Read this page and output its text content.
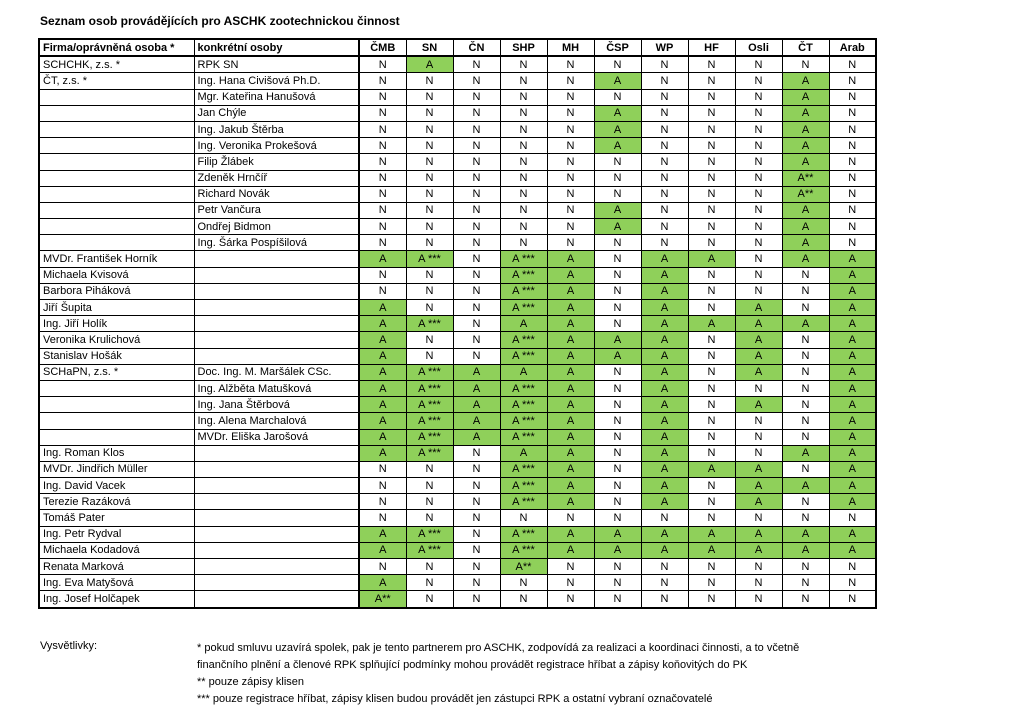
Seznam osob provádějících pro ASCHK zootechnickou činnost
Firma/oprávněná osoba *	konkrétní osoby	ČMB	SN	ČN	SHP	MH	ČSP	WP	HF	Osli	ČT	Arab
SCHCHK, z.s. *	RPK SN	N	A	N	N	N	N	N	N	N	N	N
ČT, z.s. *	Ing. Hana Civišová Ph.D.	N	N	N	N	N	A	N	N	N	A	N
	Mgr. Kateřina Hanušová	N	N	N	N	N	N	N	N	N	A	N
	Jan Chýle	N	N	N	N	N	A	N	N	N	A	N
	Ing. Jakub Štěrba	N	N	N	N	N	A	N	N	N	A	N
	Ing. Veronika Prokešová	N	N	N	N	N	A	N	N	N	A	N
	Filip Žlábek	N	N	N	N	N	N	N	N	N	A	N
	Zdeněk Hrnčíř	N	N	N	N	N	N	N	N	N	A**	N
	Richard Novák	N	N	N	N	N	N	N	N	N	A**	N
	Petr Vančura	N	N	N	N	N	A	N	N	N	A	N
	Ondřej Bidmon	N	N	N	N	N	A	N	N	N	A	N
	Ing. Šárka Pospíšilová	N	N	N	N	N	N	N	N	N	A	N
MVDr. František Horník		A	A ***	N	A ***	A	N	A	A	N	A	A
Michaela Kvisová		N	N	N	A ***	A	N	A	N	N	N	A
Barbora Piháková		N	N	N	A ***	A	N	A	N	N	N	A
Jiří Šupita		A	N	N	A ***	A	N	A	N	A	N	A
Ing. Jiří Holík		A	A ***	N	A	A	N	A	A	A	A	A
Veronika Krulichová		A	N	N	A ***	A	A	A	N	A	N	A
Stanislav Hošák		A	N	N	A ***	A	A	A	N	A	N	A
SCHaPN, z.s. *	Doc. Ing. M. Maršálek CSc.	A	A ***	A	A	A	N	A	N	A	N	A
	Ing. Alžběta Matušková	A	A ***	A	A ***	A	N	A	N	N	N	A
	Ing. Jana Štěrbová	A	A ***	A	A ***	A	N	A	N	A	N	A
	Ing. Alena Marchalová	A	A ***	A	A ***	A	N	A	N	N	N	A
	MVDr. Eliška Jarošová	A	A ***	A	A ***	A	N	A	N	N	N	A
Ing. Roman Klos		A	A ***	N	A	A	N	A	N	N	A	A
MVDr. Jindřich Müller		N	N	N	A ***	A	N	A	A	A	N	A
Ing. David Vacek		N	N	N	A ***	A	N	A	N	A	A	A
Terezie Razáková		N	N	N	A ***	A	N	A	N	A	N	A
Tomáš Pater		N	N	N	N	N	N	N	N	N	N	N
Ing. Petr Rydval		A	A ***	N	A ***	A	A	A	A	A	A	A
Michaela Kodadová		A	A ***	N	A ***	A	A	A	A	A	A	A
Renata Marková		N	N	N	A**	N	N	N	N	N	N	N
Ing. Eva Matyšová		A	N	N	N	N	N	N	N	N	N	N
Ing. Josef Holčapek		A**	N	N	N	N	N	N	N	N	N	N
Vysvětlivky:	* pokud smluvu uzavírá spolek, pak je tento partnerem pro ASCHK, zodpovídá za realizaci a koordinaci činnosti, a to včetně
finančního plnění a členové RPK splňující podmínky mohou provádět registrace hříbat a zápisy koňovitých do PK
** pouze zápisy klisen
*** pouze registrace hříbat, zápisy klisen budou provádět jen zástupci RPK a ostatní vybraní označovatelé
